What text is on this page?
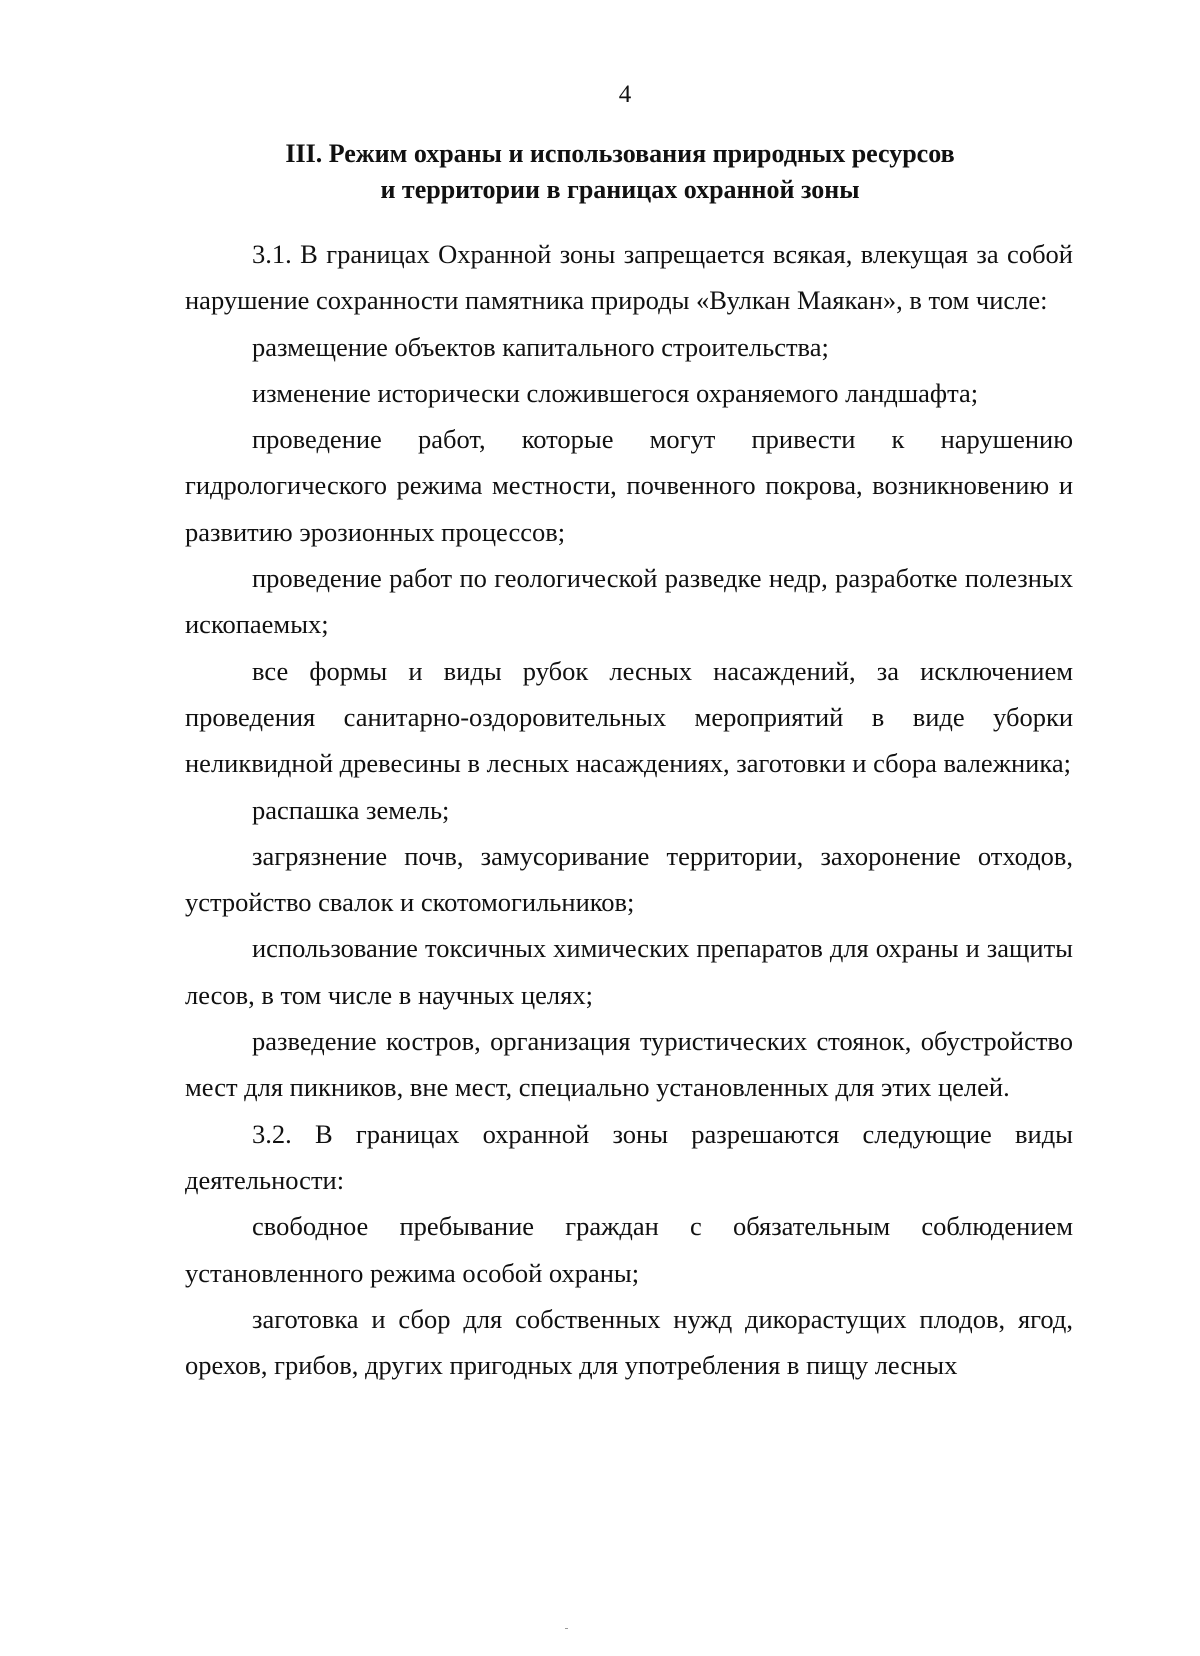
4
III. Режим охраны и использования природных ресурсов
и территории в границах охранной зоны

3.1. В границах Охранной зоны запрещается всякая, влекущая за собой нарушение сохранности памятника природы «Вулкан Маякан», в том числе:

размещение объектов капитального строительства;

изменение исторически сложившегося охраняемого ландшафта;

проведение работ, которые могут привести к нарушению гидрологического режима местности, почвенного покрова, возникновению и развитию эрозионных процессов;

проведение работ по геологической разведке недр, разработке полезных ископаемых;

все формы и виды рубок лесных насаждений, за исключением проведения санитарно-оздоровительных мероприятий в виде уборки неликвидной древесины в лесных насаждениях, заготовки и сбора валежника;

распашка земель;

загрязнение почв, замусоривание территории, захоронение отходов, устройство свалок и скотомогильников;

использование токсичных химических препаратов для охраны и защиты лесов, в том числе в научных целях;

разведение костров, организация туристических стоянок, обустройство мест для пикников, вне мест, специально установленных для этих целей.

3.2. В границах охранной зоны разрешаются следующие виды деятельности:

свободное пребывание граждан с обязательным соблюдением установленного режима особой охраны;

заготовка и сбор для собственных нужд дикорастущих плодов, ягод, орехов, грибов, других пригодных для употребления в пищу лесных
